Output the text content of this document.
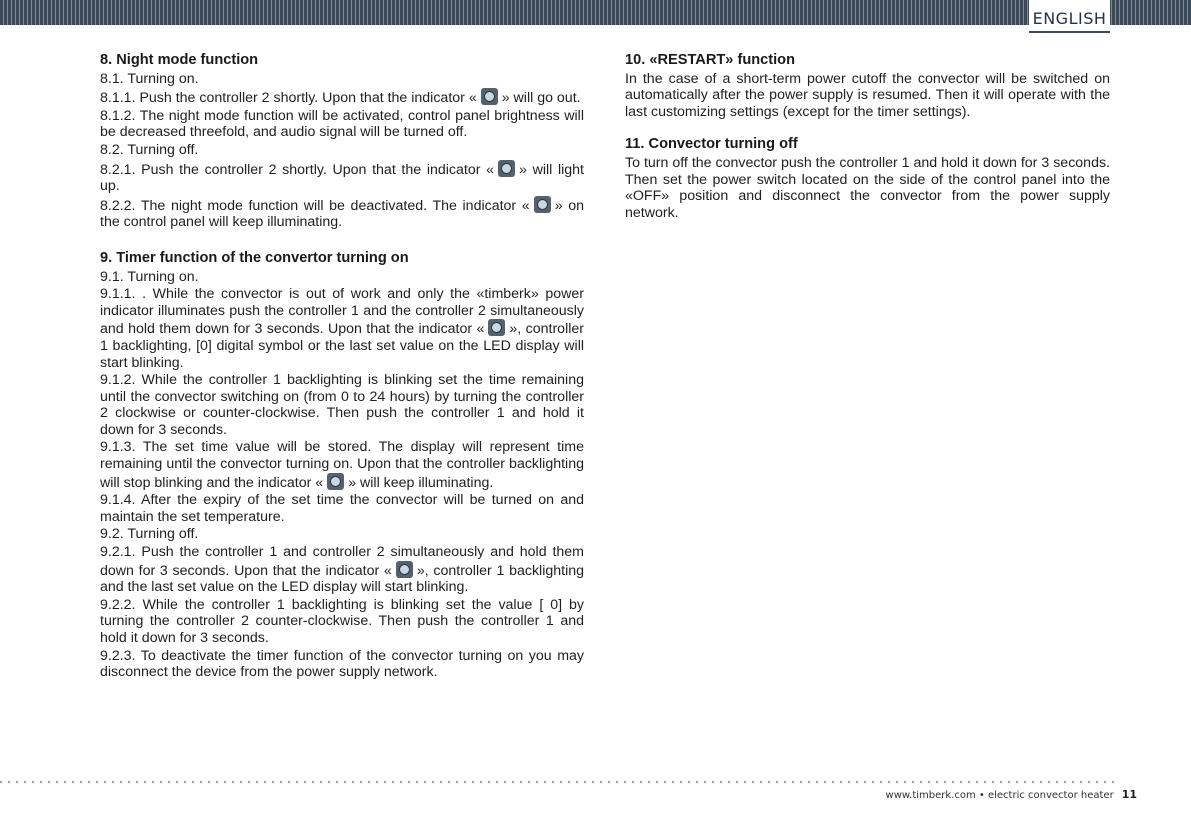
ENGLISH
8. Night mode function

8.1. Turning on.

8.1.1. Push the controller 2 shortly. Upon that the indicator « » will go out.

8.1.2. The night mode function will be activated, control panel brightness will be decreased threefold, and audio signal will be turned off.

8.2. Turning off.

8.2.1. Push the controller 2 shortly. Upon that the indicator « » will light up.

8.2.2. The night mode function will be deactivated. The indicator « » on the control panel will keep illuminating.

9. Timer function of the convertor turning on

9.1. Turning on.

9.1.1. . While the convector is out of work and only the «timberk» power indicator illuminates push the controller 1 and the controller 2 simultaneously and hold them down for 3 seconds. Upon that the indicator « », controller 1 backlighting, [0] digital symbol or the last set value on the LED display will start blinking.

9.1.2. While the controller 1 backlighting is blinking set the time remaining until the convector switching on (from 0 to 24 hours) by turning the controller 2 clockwise or counter-clockwise. Then push the controller 1 and hold it down for 3 seconds.

9.1.3. The set time value will be stored. The display will represent time remaining until the convector turning on. Upon that the controller backlighting will stop blinking and the indicator « » will keep illuminating.

9.1.4. After the expiry of the set time the convector will be turned on and maintain the set temperature.

9.2. Turning off.

9.2.1. Push the controller 1 and controller 2 simultaneously and hold them down for 3 seconds. Upon that the indicator « », controller 1 backlighting and the last set value on the LED display will start blinking.

9.2.2. While the controller 1 backlighting is blinking set the value [ 0] by turning the controller 2 counter-clockwise. Then push the controller 1 and hold it down for 3 seconds.

9.2.3. To deactivate the timer function of the convector turning on you may disconnect the device from the power supply network.

10. «RESTART» function

In the case of a short-term power cutoff the convector will be switched on automatically after the power supply is resumed. Then it will operate with the last customizing settings (except for the timer settings).

11. Convector turning off

To turn off the convector push the controller 1 and hold it down for 3 seconds. Then set the power switch located on the side of the control panel into the «OFF» position and disconnect the convector from the power supply network.

www.timberk.com • electric convector heater 11
